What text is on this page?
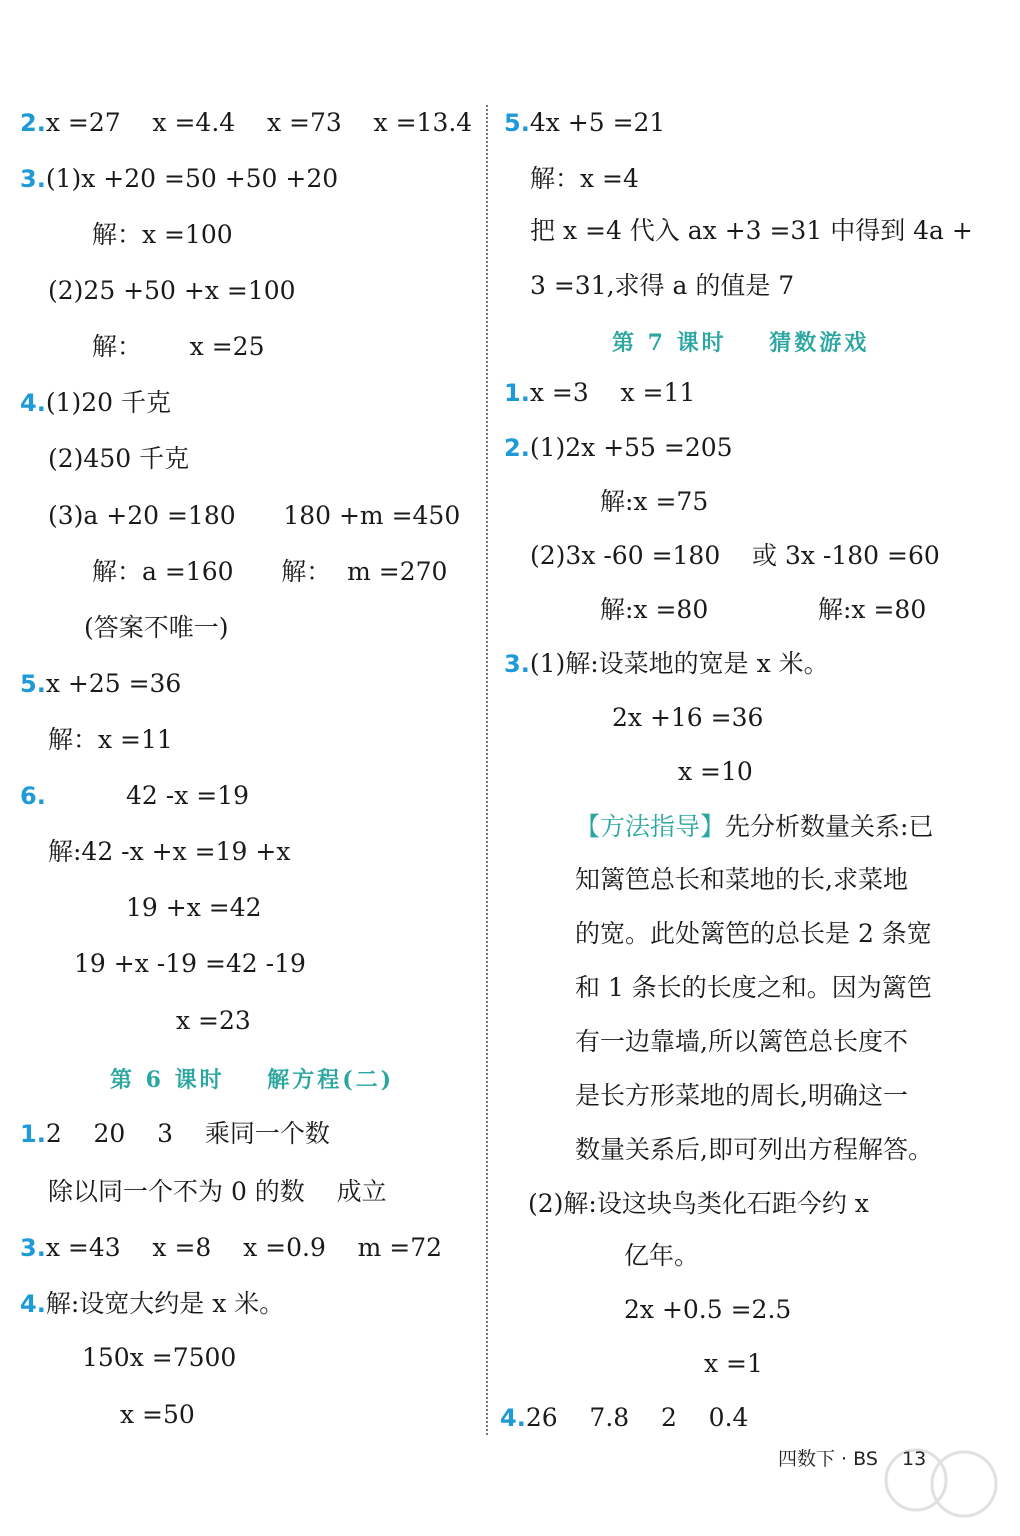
2.x =27    x =4.4    x =73    x =13.4
3.(1)x +20 =50 +50 +20
解：x =100
(2)25 +50 +x =100
解：      x =25
4.(1)20 千克
(2)450 千克
(3)a +20 =180      180 +m =450
解：a =160      解：  m =270
(答案不唯一)
5.x +25 =36
解：x =11
6.	42 -x =19
解:42 -x +x =19 +x
19 +x =42
19 +x -19 =42 -19
x =23
第 6 课时    解方程(二)
1.2    20    3    乘同一个数
除以同一个不为 0 的数    成立
3.x =43    x =8    x =0.9    m =72
4.解:设宽大约是 x 米。
150x =7500
x =50
5.4x +5 =21
解：x =4
把 x =4 代入 ax +3 =31 中得到 4a +
3 =31,求得 a 的值是 7
第 7 课时    猜数游戏
1.x =3    x =11
2.(1)2x +55 =205
解:x =75
(2)3x -60 =180    或 3x -180 =60
解:x =80	解:x =80
3.(1)解:设菜地的宽是 x 米。
2x +16 =36
x =10
【方法指导】先分析数量关系:已
知篱笆总长和菜地的长,求菜地
的宽。此处篱笆的总长是 2 条宽
和 1 条长的长度之和。因为篱笆
有一边靠墙,所以篱笆总长度不
是长方形菜地的周长,明确这一
数量关系后,即可列出方程解答。
(2)解:设这块鸟类化石距今约 x
亿年。
2x +0.5 =2.5
x =1
4.26    7.8    2    0.4
四数下 · BS    13
